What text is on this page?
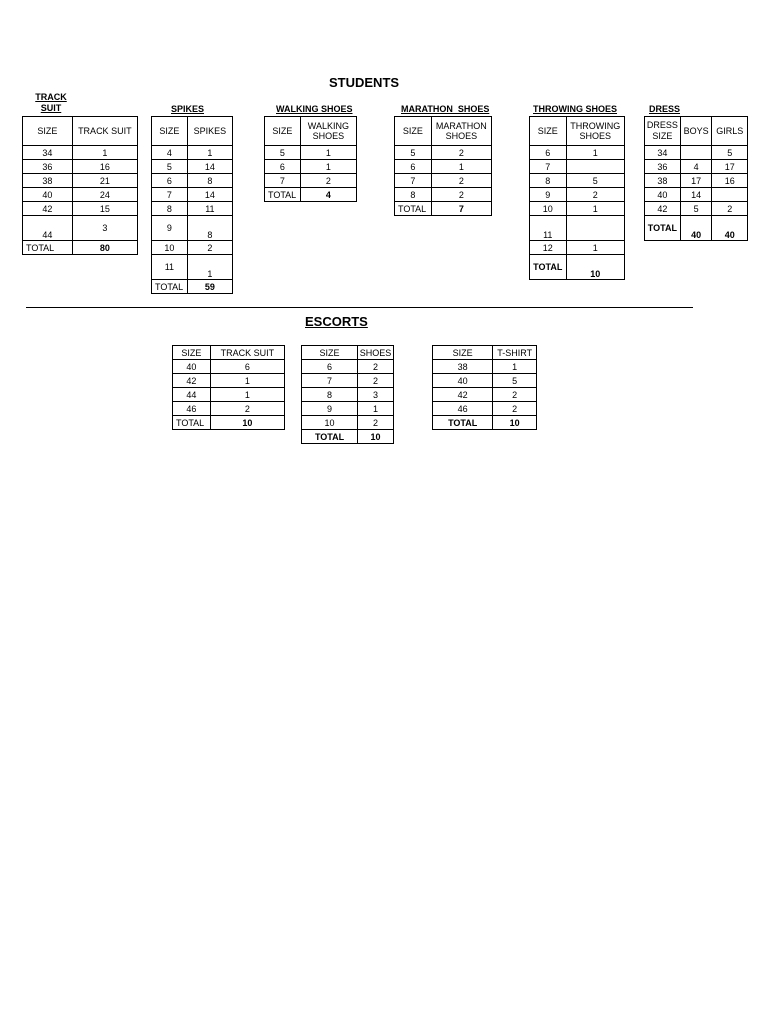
STUDENTS
TRACK
SUIT	SPIKES	WALKING SHOES	MARATHON  SHOES	THROWING SHOES	DRESS
SIZE	TRACK SUIT
34	1
36	16
38	21
40	24
42	15
44	3
TOTAL	80
SIZE	SPIKES
4	1
5	14
6	8
7	14
8	11
9	8
10	2
11	1
TOTAL	59
SIZE	WALKING SHOES
5	1
6	1
7	2
TOTAL	4
SIZE	MARATHON SHOES
5	2
6	1
7	2
8	2
TOTAL	7
SIZE	THROWING SHOES
6	1
7	
8	5
9	2
10	1
11	
12	1
TOTAL	10
DRESS SIZE	BOYS	GIRLS
34		5
36	4	17
38	17	16
40	14	
42	5	2
TOTAL	40	40
ESCORTS
SIZE	TRACK SUIT
40	6
42	1
44	1
46	2
TOTAL	10
SIZE	SHOES
6	2
7	2
8	3
9	1
10	2
TOTAL	10
SIZE	T-SHIRT
38	1
40	5
42	2
46	2
TOTAL	10
